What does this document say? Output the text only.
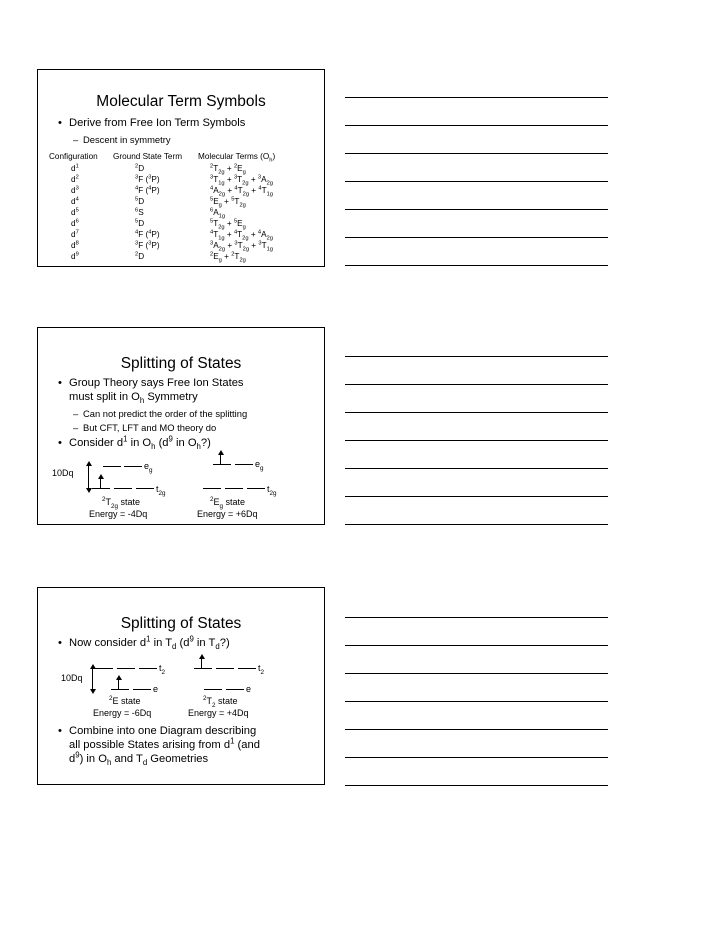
Molecular Term Symbols
• Derive from Free Ion Term Symbols
– Descent in symmetry
Configuration Ground State Term Molecular Terms $(O_h)$
$d^1$
$d^2$
$d^3$
$d^4$
$d^5$
$d^6$
$d^7$
$d^8$
$d^9$
$^2$D
$^3$F ($^3$P)
$^4$F ($^4$P)
$^5$D
$^6$S
$^5$D
$^4$F ($^4$P)
$^3$F ($^3$P)
$^2$D
$^2T_{2g} + ^2E_g$
$^3T_{1g} + ^3T_{2g} + ^3A_{2g}$
$^4A_{2g} + ^4T_{2g} + ^4T_{1g}$
$^5E_g + ^5T_{2g}$
$^6A_{1g}$
$^5T_{2g} + ^5E_g$
$^4T_{1g} + ^4T_{2g} + ^4A_{2g}$
$^3A_{2g} + ^3T_{2g} + ^3T_{1g}$
$^2E_g + ^2T_{2g}$
Splitting of States
• Group Theory says Free Ion States
must split in $O_h$ Symmetry
– Can not predict the order of the splitting
– But CFT, LFT and MO theory do
• Consider $d^1$ in $O_h$ ($d^9$ in $O_h$?)
10Dq
$e_g$
$t_{2g}$
$^2T_{2g}$ state
Energy = -4Dq
$e_g$
$t_{2g}$
$^2E_g$ state
Energy = +6Dq
Splitting of States
• Now consider $d^1$ in $T_d$ ($d^9$ in $T_d$?)
10Dq
$t_2$
e
$^2$E state
Energy = -6Dq
$t_2$
e
$^2T_2$ state
Energy = +4Dq
• Combine into one Diagram describing
all possible States arising from $d^1$ (and
$d^9$) in $O_h$ and $T_d$ Geometries
